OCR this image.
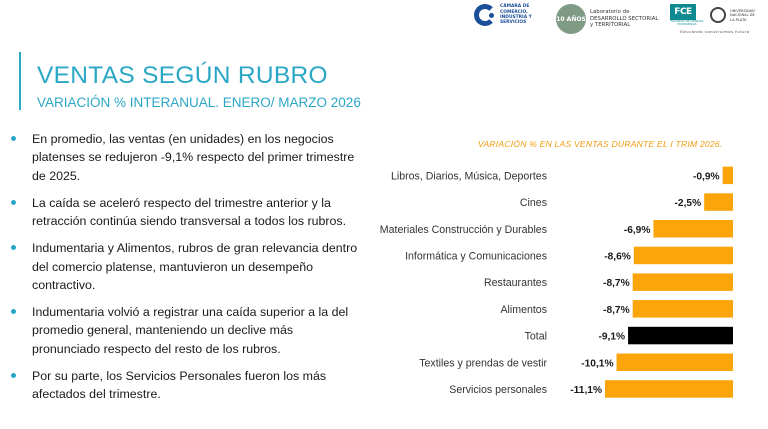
CÁMARA DE COMERCIO, INDUSTRIA Y SERVICIOS
10 AÑOS
Laboratorio de DESARROLLO SECTORIAL y TERRITORIAL
FCE
FACULTAD DE CIENCIAS ECONÓMICAS
UNIVERSIDAD NACIONAL DE LA PLATA
Educando construimos futuro
VENTAS SEGÚN RUBRO
VARIACIÓN % INTERANUAL. ENERO/ MARZO 2026
En promedio, las ventas (en unidades) en los negocios platenses se redujeron -9,1% respecto del primer trimestre de 2025.
La caída se aceleró respecto del trimestre anterior y la retracción continúa siendo transversal a todos los rubros.
Indumentaria y Alimentos, rubros de gran relevancia dentro del comercio platense, mantuvieron un desempeño contractivo.
Indumentaria volvió a registrar una caída superior a la del promedio general, manteniendo un declive más pronunciado respecto del resto de los rubros.
Por su parte, los Servicios Personales fueron los más afectados del trimestre.
VARIACIÓN % EN LAS VENTAS DURANTE EL I TRIM 2026.
Libros, Diarios, Música, Deportes	-0,9%
Cines	-2,5%
Materiales Construcción y Durables	-6,9%
Informática y Comunicaciones	-8,6%
Restaurantes	-8,7%
Alimentos	-8,7%
Total	-9,1%
Textiles y prendas de vestir	-10,1%
Servicios personales -11,1%
